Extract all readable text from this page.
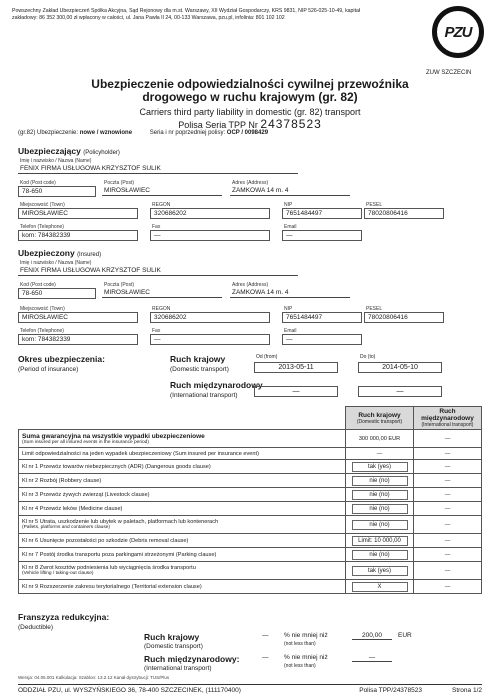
Powszechny Zakład Ubezpieczeń Spółka Akcyjna, Sąd Rejonowy dla m.st. Warszawy, XII Wydział Gospodarczy, KRS 9831, NIP 526-025-10-49, kapitał zakładowy: 86 352 300,00 zł wpłacony w całości, ul. Jana Pawła II 24, 00-133 Warszawa, pzu.pl, infolinia: 801 102 102
PZU
ZUW SZCZECIN
Ubezpieczenie odpowiedzialności cywilnej przewoźnika
drogowego w ruchu krajowym (gr. 82)
Carriers third party liability in domestic (gr. 82) transport
Polisa Seria TPP Nr 24378523
(gr.82) Ubezpieczenie: nowe / wznowione	Seria i nr poprzedniej polisy: OCP / 0098429
Ubezpieczający (Policyholder)
Imię i nazwisko / Nazwa (Name)
FENIX FIRMA USŁUGOWA KRZYSZTOF SULIK
Kod (Post code)
78-650
Poczta (Post)
MIROSŁAWIEC
Adres (Address)
ZAMKOWA 14 m. 4
Miejscowość (Town)
MIROSŁAWIEC
REGON
320686202
NIP
7651484497
PESEL
78020806416
Telefon (Telephone)
kom: 784382339
Fax
—
Email
—
Ubezpieczony (Insured)
Imię i nazwisko / Nazwa (Name)
FENIX FIRMA USŁUGOWA KRZYSZTOF SULIK
Kod (Post code)
78-650
Poczta (Post)
MIROSŁAWIEC
Adres (Address)
ZAMKOWA 14 m. 4
Miejscowość (Town)
MIROSŁAWIEC
REGON
320686202
NIP
7651484497
PESEL
78020806416
Telefon (Telephone)
kom: 784382339
Fax
—
Email
—
Okres ubezpieczenia:
(Period of insurance)
Ruch krajowy
(Domestic transport)
Od (from)	Do (to)
2013-05-11	2014-05-10
Ruch międzynarodowy
(International transport)
—	—
	Ruch krajowy
(Domestic transport)	Ruch międzynarodowy
(International transport)

Suma gwarancyjna na wszystkie wypadki ubezpieczeniowe
(Sum insured per all insured events in the insurance period)	300 000,00 EUR	—
Limit odpowiedzialności na jeden wypadek ubezpieczeniowy (Sum insured per insurance event)	—	—
Kl nr 1 Przewóz towarów niebezpiecznych (ADR) (Dangerous goods clause)	tak (yes)	—
Kl nr 2 Rozbój (Robbery clause)	nie (no)	—
Kl nr 3 Przewóz żywych zwierząt (Livestock clause)	nie (no)	—
Kl nr 4 Przewóz leków (Medicine clause)	nie (no)	—

Kl nr 5 Utrata, uszkodzenie lub ubytek w paletach, platformach lub kontenerach
(Pallets, platforms and containers clause)	nie (no)	—
Kl nr 6 Usunięcie pozostałości po szkodzie (Debris removal clause)	Limit: 10 000,00	—
Kl nr 7 Postój środka transportu poza parkingami strzeżonymi (Parking clause)	nie (no)	—

Kl nr 8 Zwrot kosztów podniesienia lub wyciągnięcia środka transportu
(Vehicle lifting / taking-out clause)	tak (yes)	—
Kl nr 9 Rozszerzenie zakresu terytorialnego (Territorial extension clause)	X	—
Franszyza redukcyjna:
(Deductible)
Ruch krajowy
(Domestic transport)
— % nie mniej niż
(not less than)
200,00	EUR
Ruch międzynarodowy:
(International transport)
— % nie mniej niż
(not less than)
—
Wersja: 04.05.001 Kalkulacja: Szablon: 13.2.12 Kanał dystrybucji: TUS/Plus
ODDZIAŁ PZU, ul. WYSZYŃSKIEGO 36, 78-400 SZCZECINEK, (111170400)	Polisa TPP/24378523	Strona 1/2
